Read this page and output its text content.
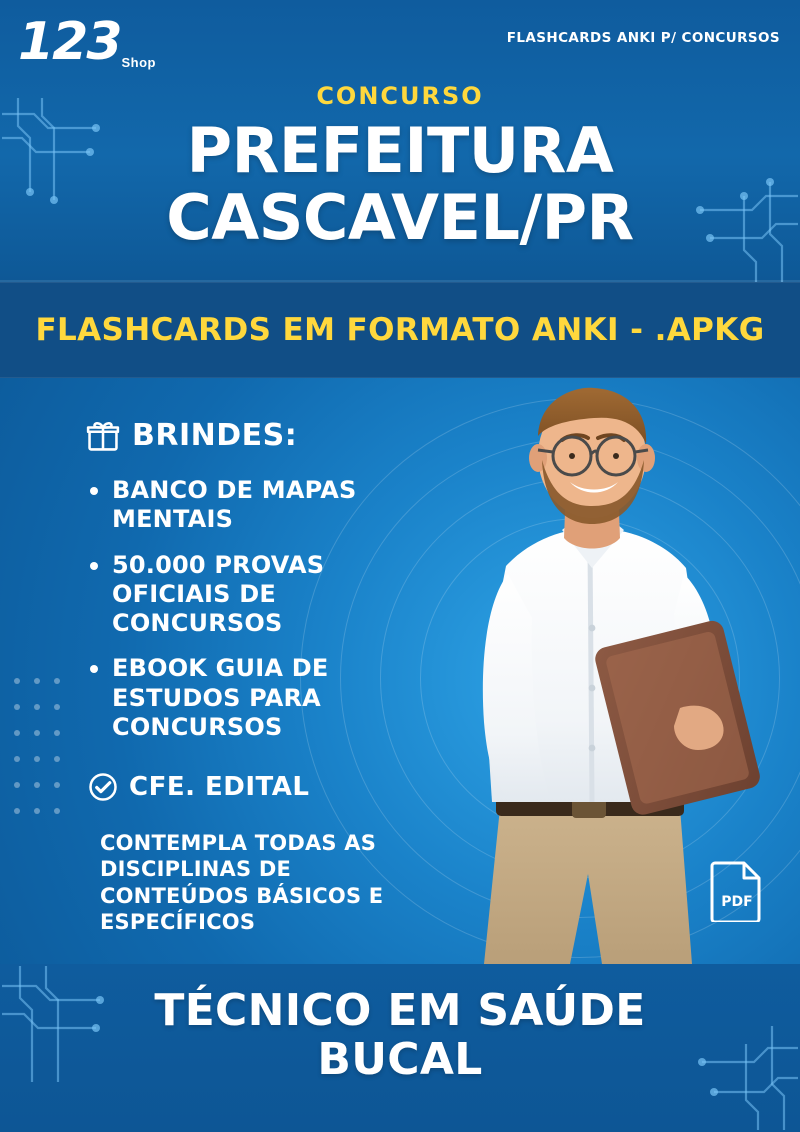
123 Shop
FLASHCARDS ANKI P/ CONCURSOS
CONCURSO
PREFEITURA
CASCAVEL/PR
FLASHCARDS EM FORMATO ANKI - .APKG
BRINDES:
BANCO DE MAPAS MENTAIS
50.000 PROVAS OFICIAIS DE CONCURSOS
EBOOK GUIA DE ESTUDOS PARA CONCURSOS
CFE. EDITAL
CONTEMPLA TODAS AS DISCIPLINAS DE CONTEÚDOS BÁSICOS E ESPECÍFICOS
PDF
TÉCNICO EM SAÚDE
BUCAL
